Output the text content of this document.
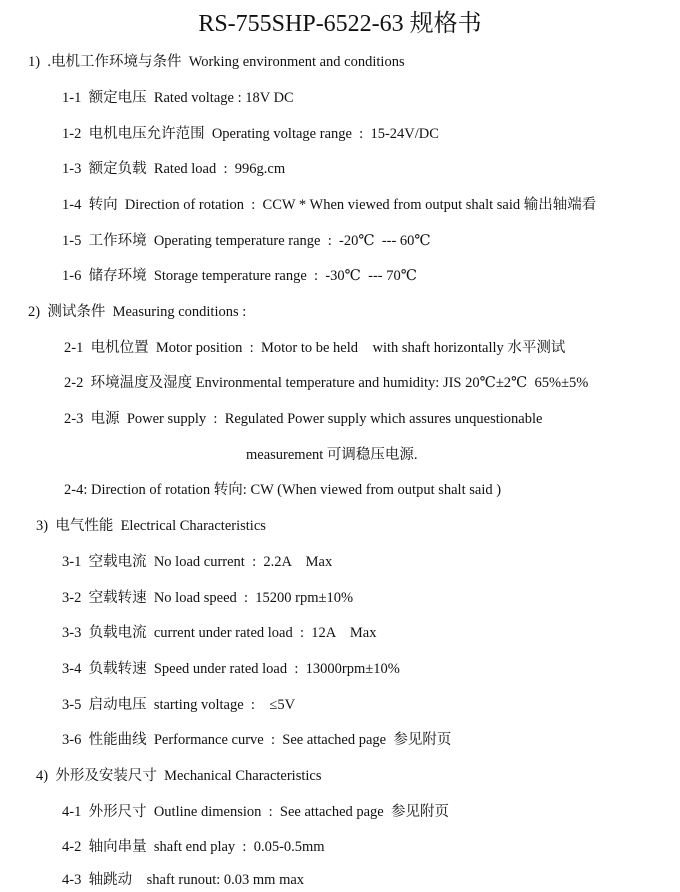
RS-755SHP-6522-63 规格书
1)  .电机工作环境与条件  Working environment and conditions
1-1  额定电压  Rated voltage : 18V DC
1-2  电机电压允许范围  Operating voltage range  :  15-24V/DC
1-3  额定负载  Rated load  :  996g.cm
1-4  转向  Direction of rotation  :  CCW * When viewed from output shalt said 输出轴端看
1-5  工作环境  Operating temperature range  :  -20℃  --- 60℃
1-6  储存环境  Storage temperature range  :  -30℃  --- 70℃
2)  测试条件  Measuring conditions :
2-1  电机位置  Motor position  :  Motor to be held    with shaft horizontally 水平测试
2-2  环境温度及湿度 Environmental temperature and humidity: JIS 20℃±2℃  65%±5%
2-3  电源  Power supply  :  Regulated Power supply which assures unquestionable
measurement 可调稳压电源.
2-4: Direction of rotation 转向: CW (When viewed from output shalt said )
3)  电气性能  Electrical Characteristics
3-1  空载电流  No load current  :  2.2A    Max
3-2  空载转速  No load speed  :  15200 rpm±10%
3-3  负载电流  current under rated load  :  12A    Max
3-4  负载转速  Speed under rated load  :  13000rpm±10%
3-5  启动电压  starting voltage  :    ≤5V
3-6  性能曲线  Performance curve  :  See attached page  参见附页
4)  外形及安装尺寸  Mechanical Characteristics
4-1  外形尺寸  Outline dimension  :  See attached page  参见附页
4-2  轴向串量  shaft end play  :  0.05-0.5mm
4-3  轴跳动    shaft runout: 0.03 mm max
